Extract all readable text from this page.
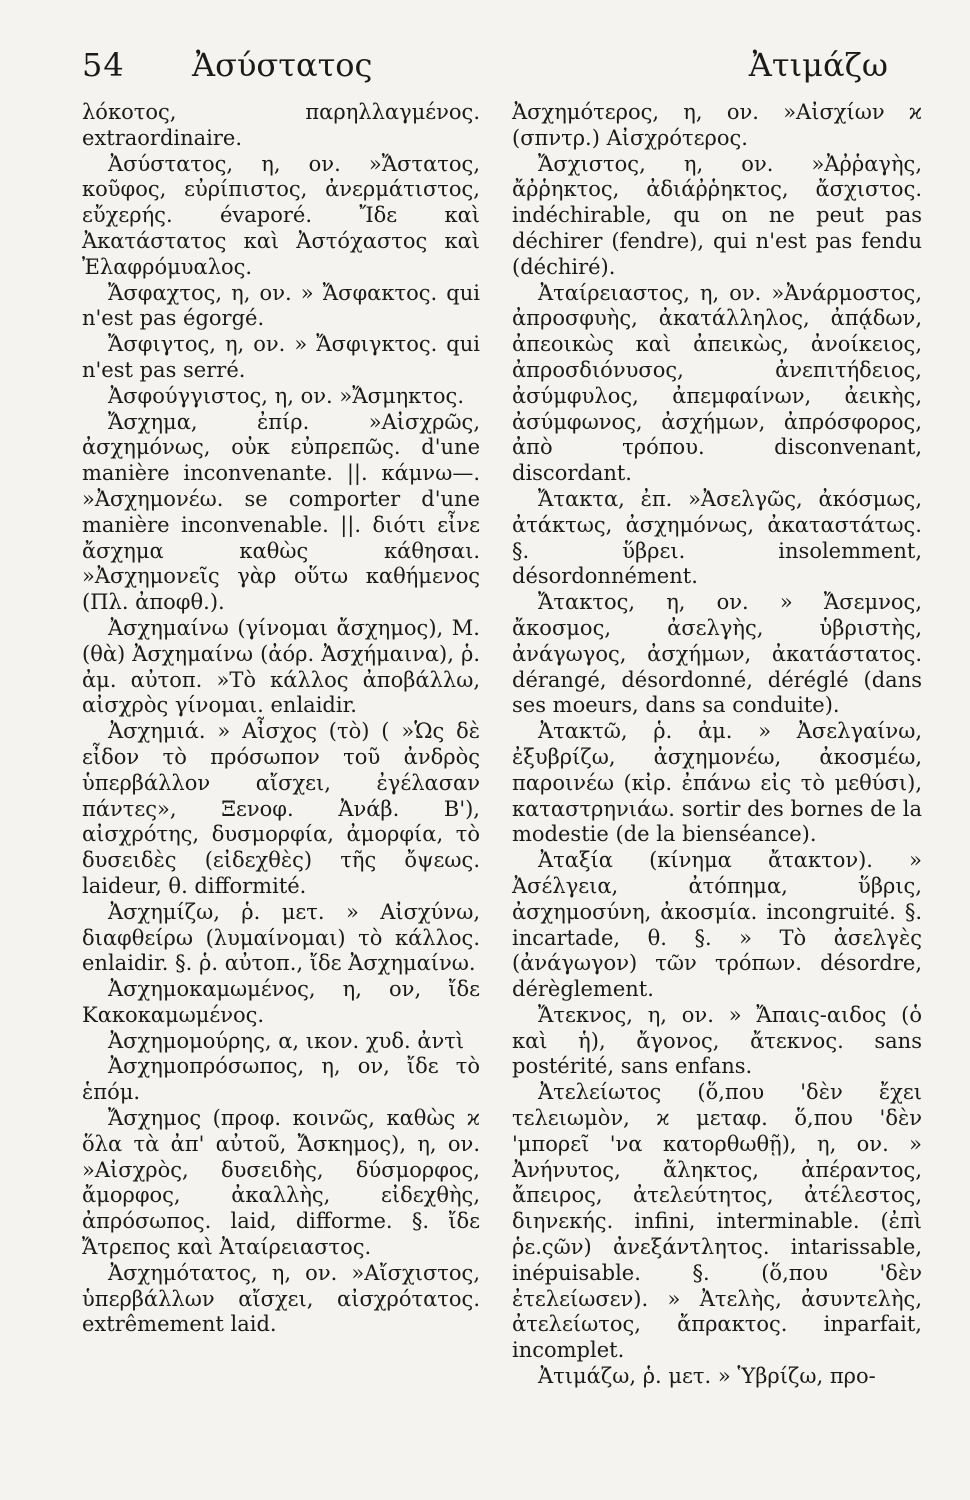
54 Ἀσύστατος	Ἀτιμάζω

λόκοτος, παρηλλαγμένος. extraordinaire.

Ἀσύστατος, η, ον. »Ἄστατος, κοῦφος, εὐρίπιστος, ἀνερμάτιστος, εὔχερής. évaporé. Ἴδε καὶ Ἀκατάστατος καὶ Ἀστόχαστος καὶ Ἐλαφρόμυαλος.

Ἄσφαχτος, η, ον. » Ἄσφακτος. qui n'est pas égorgé.

Ἄσφιγτος, η, ον. » Ἄσφιγκτος. qui n'est pas serré.

Ἀσφούγγιστος, η, ον. »Ἄσμηκτος.

Ἄσχημα, ἐπίρ. »Αἰσχρῶς, ἀσχημόνως, οὐκ εὐπρεπῶς. d'une manière inconvenante. ||. κάμνω—. »Ἀσχημονέω. se comporter d'une manière inconvenable. ||. διότι εἶνε ἄσχημα καθὼς κάθησαι. »Ἀσχημονεῖς γὰρ οὕτω καθήμενος (Πλ. ἀποφθ.).

Ἀσχημαίνω (γίνομαι ἄσχημος), Μ. (θὰ) Ἀσχημαίνω (ἀόρ. Ἀσχήμαινα), ῥ. ἀμ. αὐτοπ. »Τὸ κάλλος ἀποβάλλω, αἰσχρὸς γίνομαι. enlaidir.

Ἀσχημιά. » Αἶσχος (τὸ) ( »Ὡς δὲ εἶδον τὸ πρόσωπον τοῦ ἀνδρὸς ὑπερβάλλον αἴσχει, ἐγέλασαν πάντες», Ξενοφ. Ἀνάβ. Β'), αἰσχρότης, δυσμορφία, ἀμορφία, τὸ δυσειδὲς (εἰδεχθὲς) τῆς ὄψεως. laideur, θ. difformité.

Ἀσχημίζω, ῥ. μετ. » Αἰσχύνω, διαφθείρω (λυμαίνομαι) τὸ κάλλος. enlaidir. §. ῥ. αὐτοπ., ἴδε Ἀσχημαίνω.

Ἀσχημοκαμωμένος, η, ον, ἴδε Κακοκαμωμένος.

Ἀσχημομούρης, α, ικον. χυδ. ἀντὶ

Ἀσχημοπρόσωπος, η, ον, ἴδε τὸ ἑπόμ.

Ἄσχημος (προφ. κοινῶς, καθὼς ϰ ὅλα τὰ ἀπ' αὐτοῦ, Ἄσκημος), η, ον. »Αἰσχρὸς, δυσειδὴς, δύσμορφος, ἄμορφος, ἀκαλλὴς, εἰδεχθὴς, ἀπρόσωπος. laid, difforme. §. ἴδε Ἄτρεπος καὶ Ἀταίρειαστος.

Ἀσχημότατος, η, ον. »Αἴσχιστος, ὑπερβάλλων αἴσχει, αἰσχρότατος. extrêmement laid.

Ἀσχημότερος, η, ον. »Αἰσχίων ϰ (σπντρ.) Αἰσχρότερος.

Ἄσχιστος, η, ον. »Ἀῤῥαγὴς, ἄῤῥηκτος, ἀδιάῤῥηκτος, ἄσχιστος. indéchirable, qu on ne peut pas déchirer (fendre), qui n'est pas fendu (déchiré).

Ἀταίρειαστος, η, ον. »Ἀνάρμοστος, ἀπροσφυὴς, ἀκατάλληλος, ἀπᾴδων, ἀπεοικὼς καὶ ἀπεικὼς, ἀνοίκειος, ἀπροσδιόνυσος, ἀνεπιτήδειος, ἀσύμφυλος, ἀπεμφαίνων, ἀεικὴς, ἀσύμφωνος, ἀσχήμων, ἀπρόσφορος, ἀπὸ τρόπου. disconvenant, discordant.

Ἄτακτα, ἐπ. »Ἀσελγῶς, ἀκόσμως, ἀτάκτως, ἀσχημόνως, ἀκαταστάτως. §. ὕβρει. insolemment, désordonnément.

Ἄτακτος, η, ον. » Ἄσεμνος, ἄκοσμος, ἀσελγὴς, ὑβριστὴς, ἀνάγωγος, ἀσχήμων, ἀκατάστατος. dérangé, désordonné, déréglé (dans ses moeurs, dans sa conduite).

Ἀτακτῶ, ῥ. ἀμ. » Ἀσελγαίνω, ἐξυβρίζω, ἀσχημονέω, ἀκοσμέω, παροινέω (κἰρ. ἐπάνω εἰς τὸ μεθύσι), καταστρηνιάω. sortir des bornes de la modestie (de la bienséance).

Ἀταξία (κίνημα ἄτακτον). » Ἀσέλγεια, ἀτόπημα, ὕβρις, ἀσχημοσύνη, ἀκοσμία. incongruité. §. incartade, θ. §. » Τὸ ἀσελγὲς (ἀνάγωγον) τῶν τρόπων. désordre, dérèglement.

Ἄτεκνος, η, ον. » Ἄπαις-αιδος (ὁ καὶ ἡ), ἄγονος, ἄτεκνος. sans postérité, sans enfans.

Ἀτελείωτος (ὅ,που 'δὲν ἔχει τελειωμὸν, ϰ μεταφ. ὅ,που 'δὲν 'μπορεῖ 'να κατορθωθῇ), η, ον. » Ἀνήνυτος, ἄληκτος, ἀπέραντος, ἄπειρος, ἀτελεύτητος, ἀτέλεστος, διηνεκής. infini, interminable. (ἐπὶ ῥε.ςῶν) ἀνεξάντλητος. intarissable, inépuisable. §. (ὅ,που 'δὲν ἐτελείωσεν). » Ἀτελὴς, ἀσυντελὴς, ἀτελείωτος, ἄπρακτος. inparfait, incomplet.

Ἀτιμάζω, ῥ. μετ. » Ὑβρίζω, προ-
